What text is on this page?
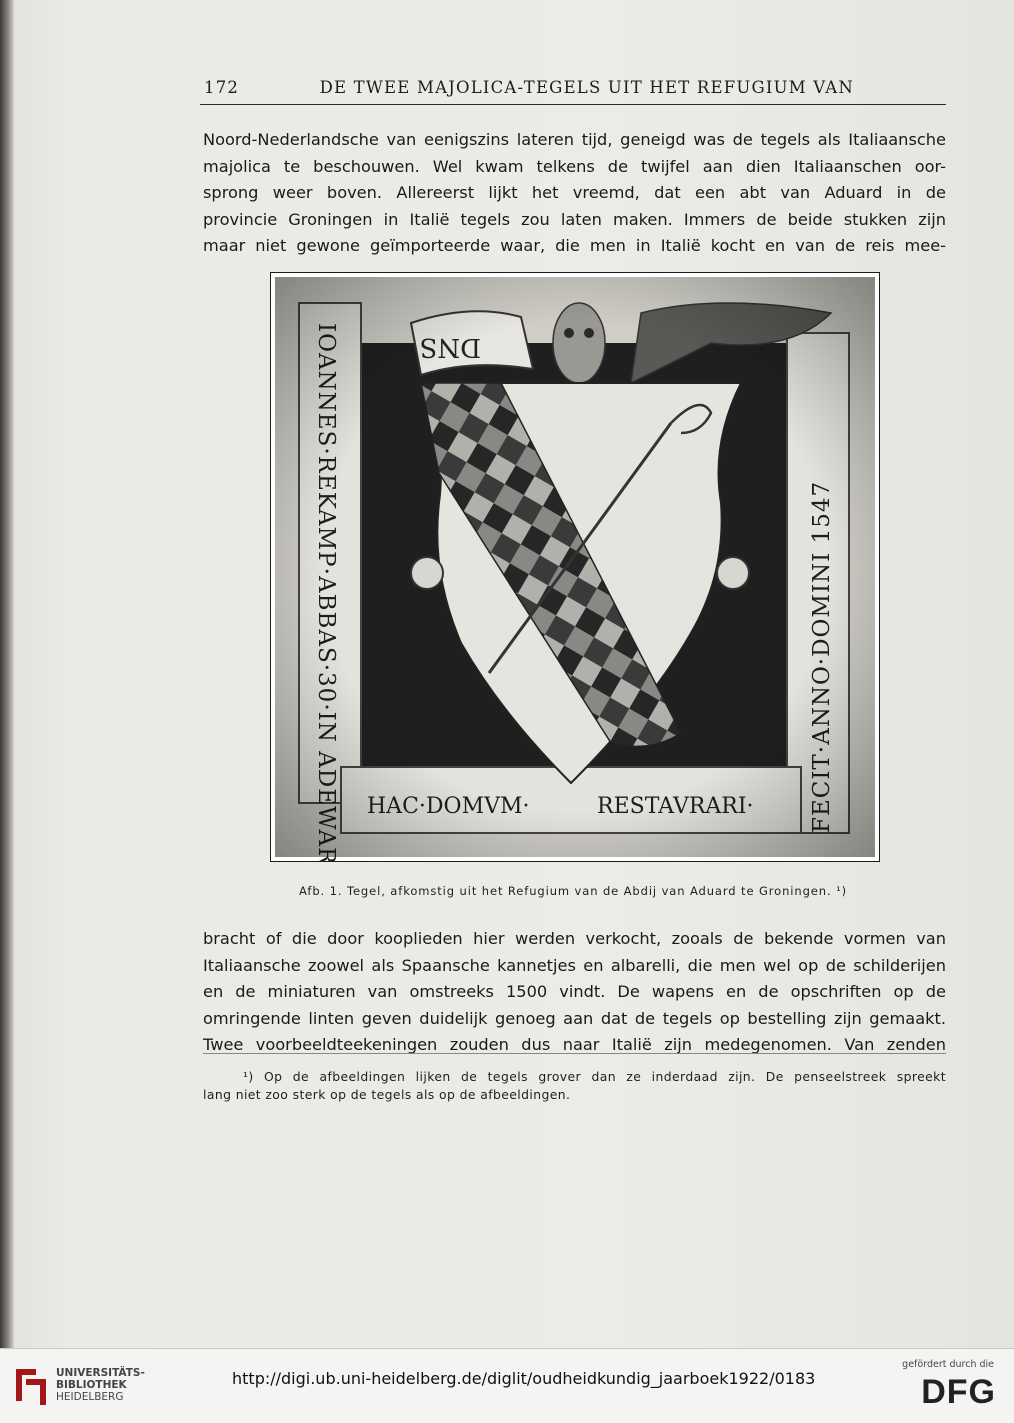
172	DE TWEE MAJOLICA-TEGELS UIT HET REFUGIUM VAN
Noord-Nederlandsche van eenigszins lateren tijd, geneigd was de tegels als Italiaansche
majolica te beschouwen. Wel kwam telkens de twijfel aan dien Italiaanschen oor-
sprong weer boven. Allereerst lijkt het vreemd, dat een abt van Aduard in de
provincie Groningen in Italië tegels zou laten maken. Immers de beide stukken zijn
maar niet gewone geïmporteerde waar, die men in Italië kocht en van de reis mee-
Afb. 1. Tegel, afkomstig uit het Refugium van de Abdij van Aduard te Groningen. ¹)
bracht of die door kooplieden hier werden verkocht, zooals de bekende vormen van
Italiaansche zoowel als Spaansche kannetjes en albarelli, die men wel op de schilderijen
en de miniaturen van omstreeks 1500 vindt. De wapens en de opschriften op de
omringende linten geven duidelijk genoeg aan dat de tegels op bestelling zijn gemaakt.
Twee voorbeeldteekeningen zouden dus naar Italië zijn medegenomen. Van zenden
¹) Op de afbeeldingen lijken de tegels grover dan ze inderdaad zijn. De penseelstreek spreekt
lang niet zoo sterk op de tegels als op de afbeeldingen.
UNIVERSITÄTS-
BIBLIOTHEK
HEIDELBERG
http://digi.ub.uni-heidelberg.de/diglit/oudheidkundig_jaarboek1922/0183
gefördert durch die
DFG
